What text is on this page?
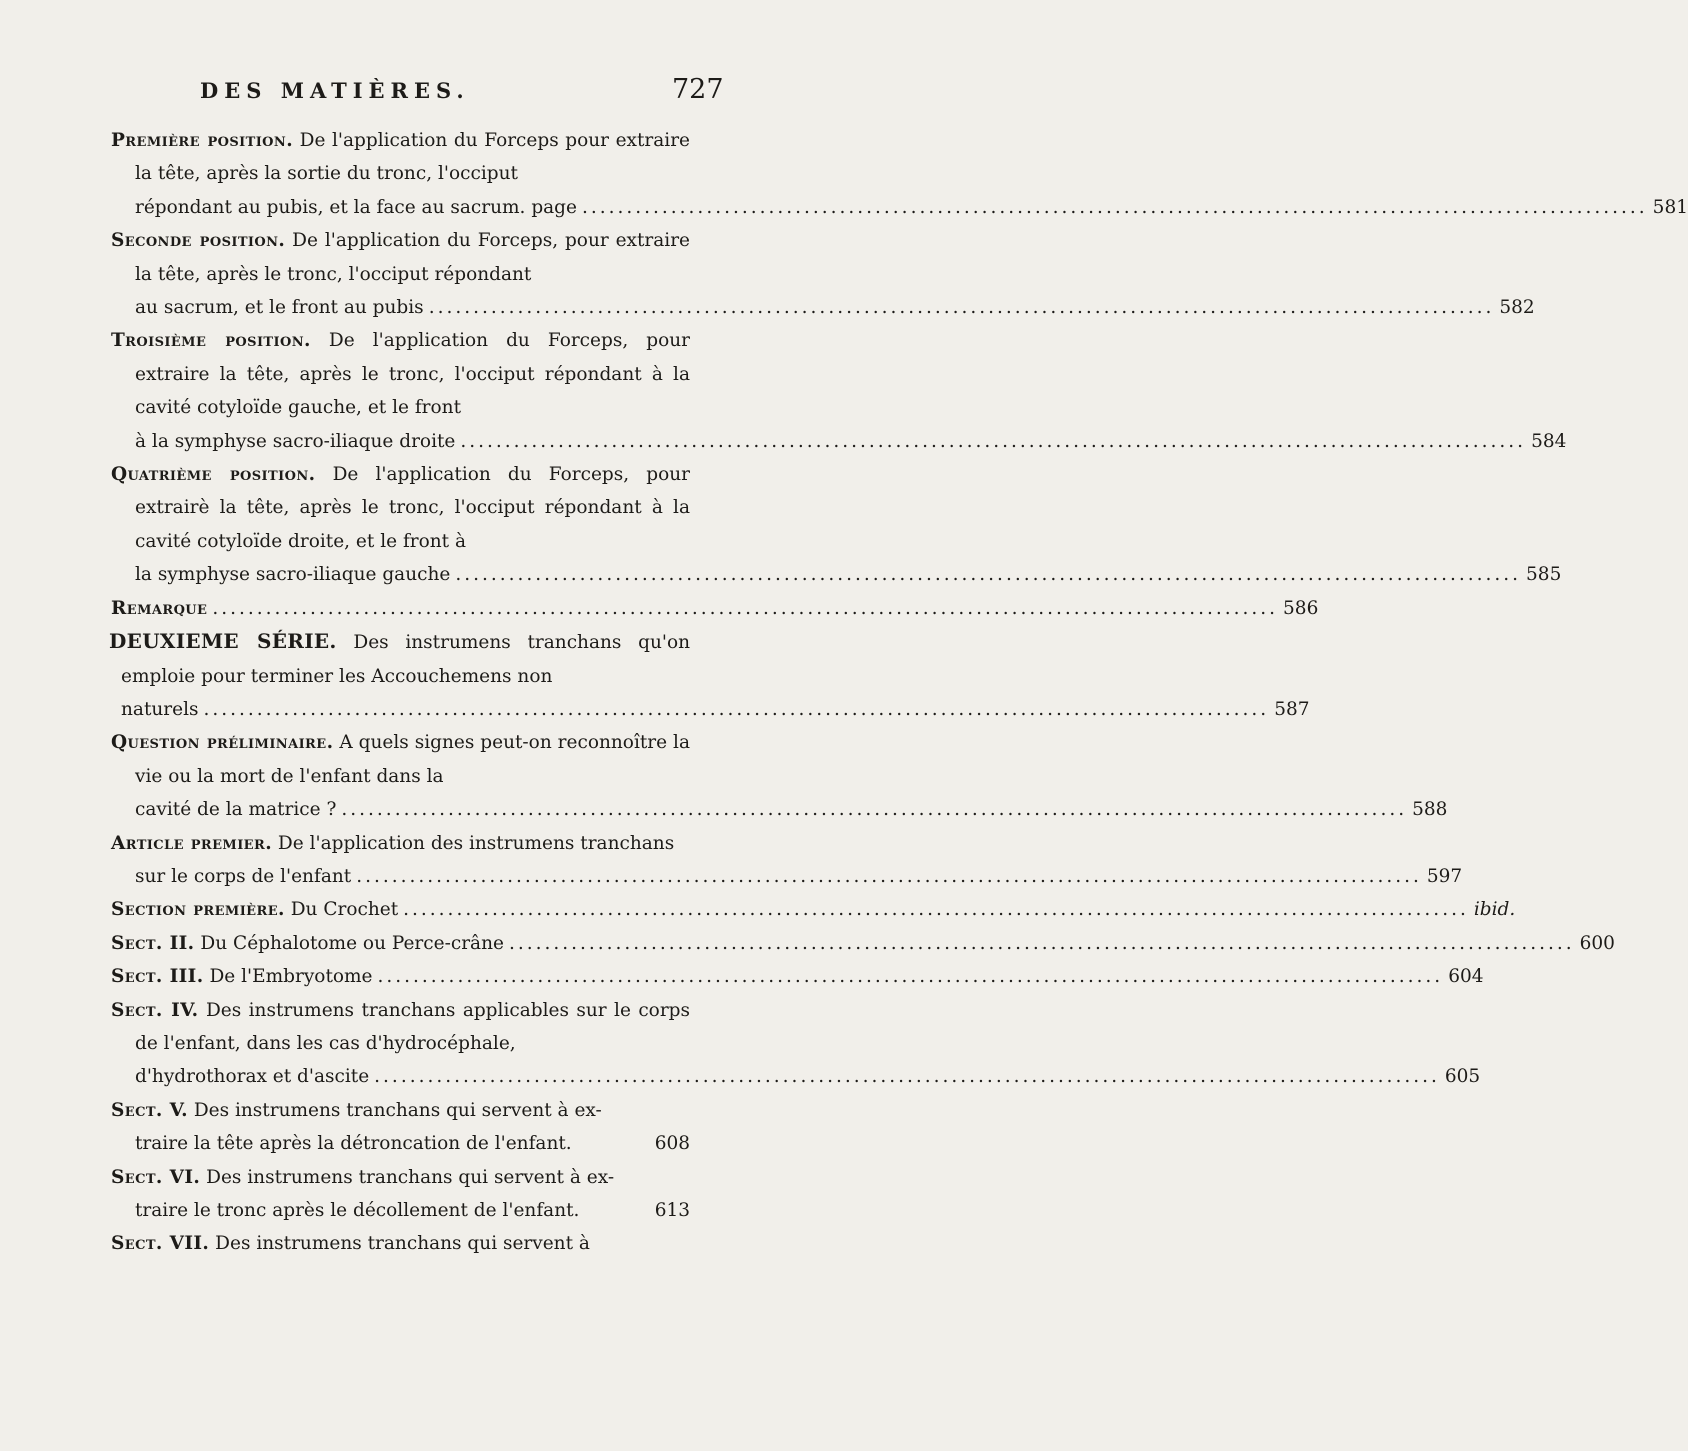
DES MATIÈRES.	727
Première position. De l'application du Forceps pour extraire la tête, après la sortie du tronc, l'occiput
répondant au pubis, et la face au sacrum. page ........................................................................................................................ 581
Seconde position. De l'application du Forceps, pour extraire la tête, après le tronc, l'occiput répondant
au sacrum, et le front au pubis ........................................................................................................................ 582
Troisième position. De l'application du Forceps, pour extraire la tête, après le tronc, l'occiput répondant à la cavité cotyloïde gauche, et le front
à la symphyse sacro-iliaque droite ........................................................................................................................ 584
Quatrième position. De l'application du Forceps, pour extrairè la tête, après le tronc, l'occiput répondant à la cavité cotyloïde droite, et le front à
la symphyse sacro-iliaque gauche ........................................................................................................................ 585
Remarque ........................................................................................................................ 586
DEUXIEME SÉRIE. Des instrumens tranchans qu'on emploie pour terminer les Accouchemens non
naturels ........................................................................................................................ 587
Question préliminaire. A quels signes peut-on reconnoître la vie ou la mort de l'enfant dans la
cavité de la matrice ? ........................................................................................................................ 588
Article premier. De l'application des instrumens tranchans
sur le corps de l'enfant ........................................................................................................................ 597
Section première. Du Crochet ........................................................................................................................ ibid.
Sect. II. Du Céphalotome ou Perce-crâne ........................................................................................................................ 600
Sect. III. De l'Embryotome ........................................................................................................................ 604
Sect. IV. Des instrumens tranchans applicables sur le corps de l'enfant, dans les cas d'hydrocéphale,
d'hydrothorax et d'ascite ........................................................................................................................ 605
Sect. V. Des instrumens tranchans qui servent à ex-
traire la tête après la détroncation de l'enfant.	608
Sect. VI. Des instrumens tranchans qui servent à ex-
traire le tronc après le décollement de l'enfant.	613
Sect. VII. Des instrumens tranchans qui servent à
